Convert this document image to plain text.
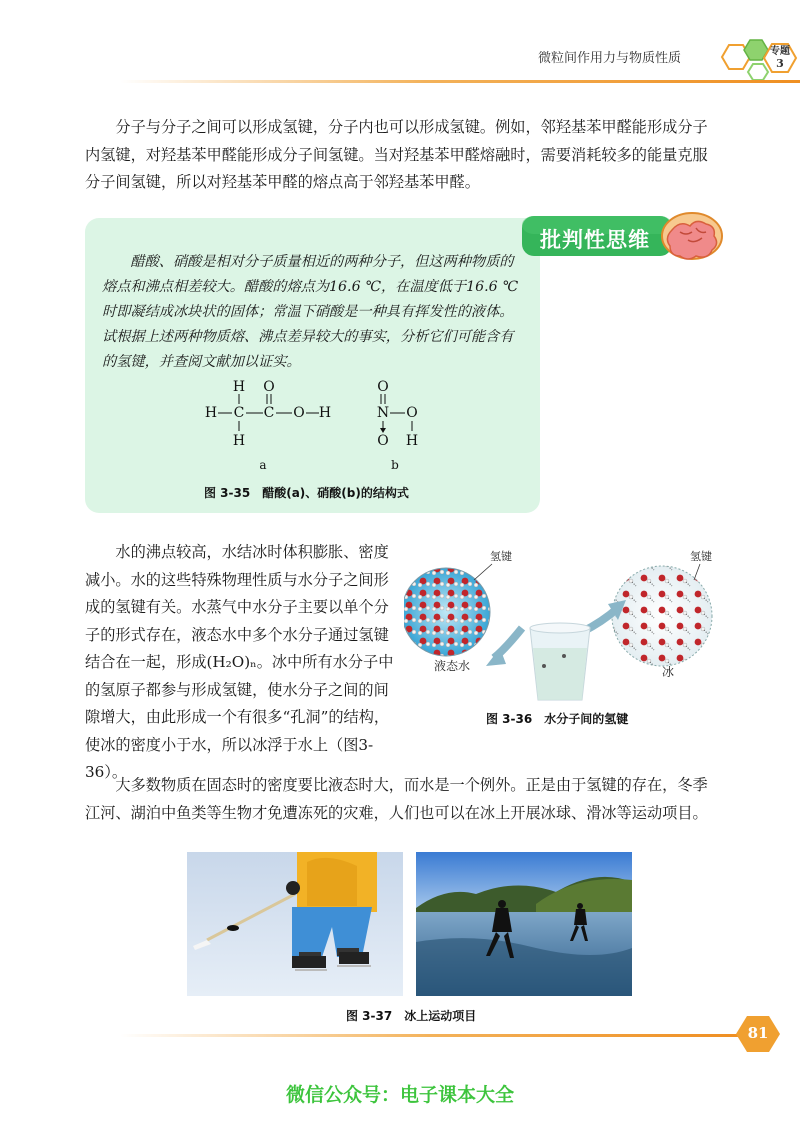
微粒间作用力与物质性质	专题
3

分子与分子之间可以形成氢键，分子内也可以形成氢键。例如，邻羟基苯甲醛能形成分子内氢键，对羟基苯甲醛能形成分子间氢键。当对羟基苯甲醛熔融时，需要消耗较多的能量克服分子间氢键，所以对羟基苯甲醛的熔点高于邻羟基苯甲醛。

批判性思维

醋酸、硝酸是相对分子质量相近的两种分子，但这两种物质的熔点和沸点相差较大。醋酸的熔点为16.6 ℃，在温度低于16.6 ℃时即凝结成冰块状的固体；常温下硝酸是一种具有挥发性的液体。试根据上述两种物质熔、沸点差异较大的事实，分析它们可能含有的氢键，并查阅文献加以证实。

H
H C C
O
O H
H
O
N O
H
O
a	b
图 3-35　醋酸(a)、硝酸(b)的结构式

水的沸点较高，水结冰时体积膨胀、密度减小。水的这些特殊物理性质与水分子之间形成的氢键有关。水蒸气中水分子主要以单个分子的形式存在，液态水中多个水分子通过氢键结合在一起，形成(H₂O)ₙ。冰中所有水分子中的氢原子都参与形成氢键，使水分子之间的间隙增大，由此形成一个有很多“孔洞”的结构，使冰的密度小于水，所以冰浮于水上（图3-36）。

氢键
液态水
氢键
冰
图 3-36　水分子间的氢键

大多数物质在固态时的密度要比液态时大，而水是一个例外。正是由于氢键的存在，冬季江河、湖泊中鱼类等生物才免遭冻死的灾难，人们也可以在冰上开展冰球、滑冰等运动项目。

图 3-37　冰上运动项目
81
微信公众号：电子课本大全
